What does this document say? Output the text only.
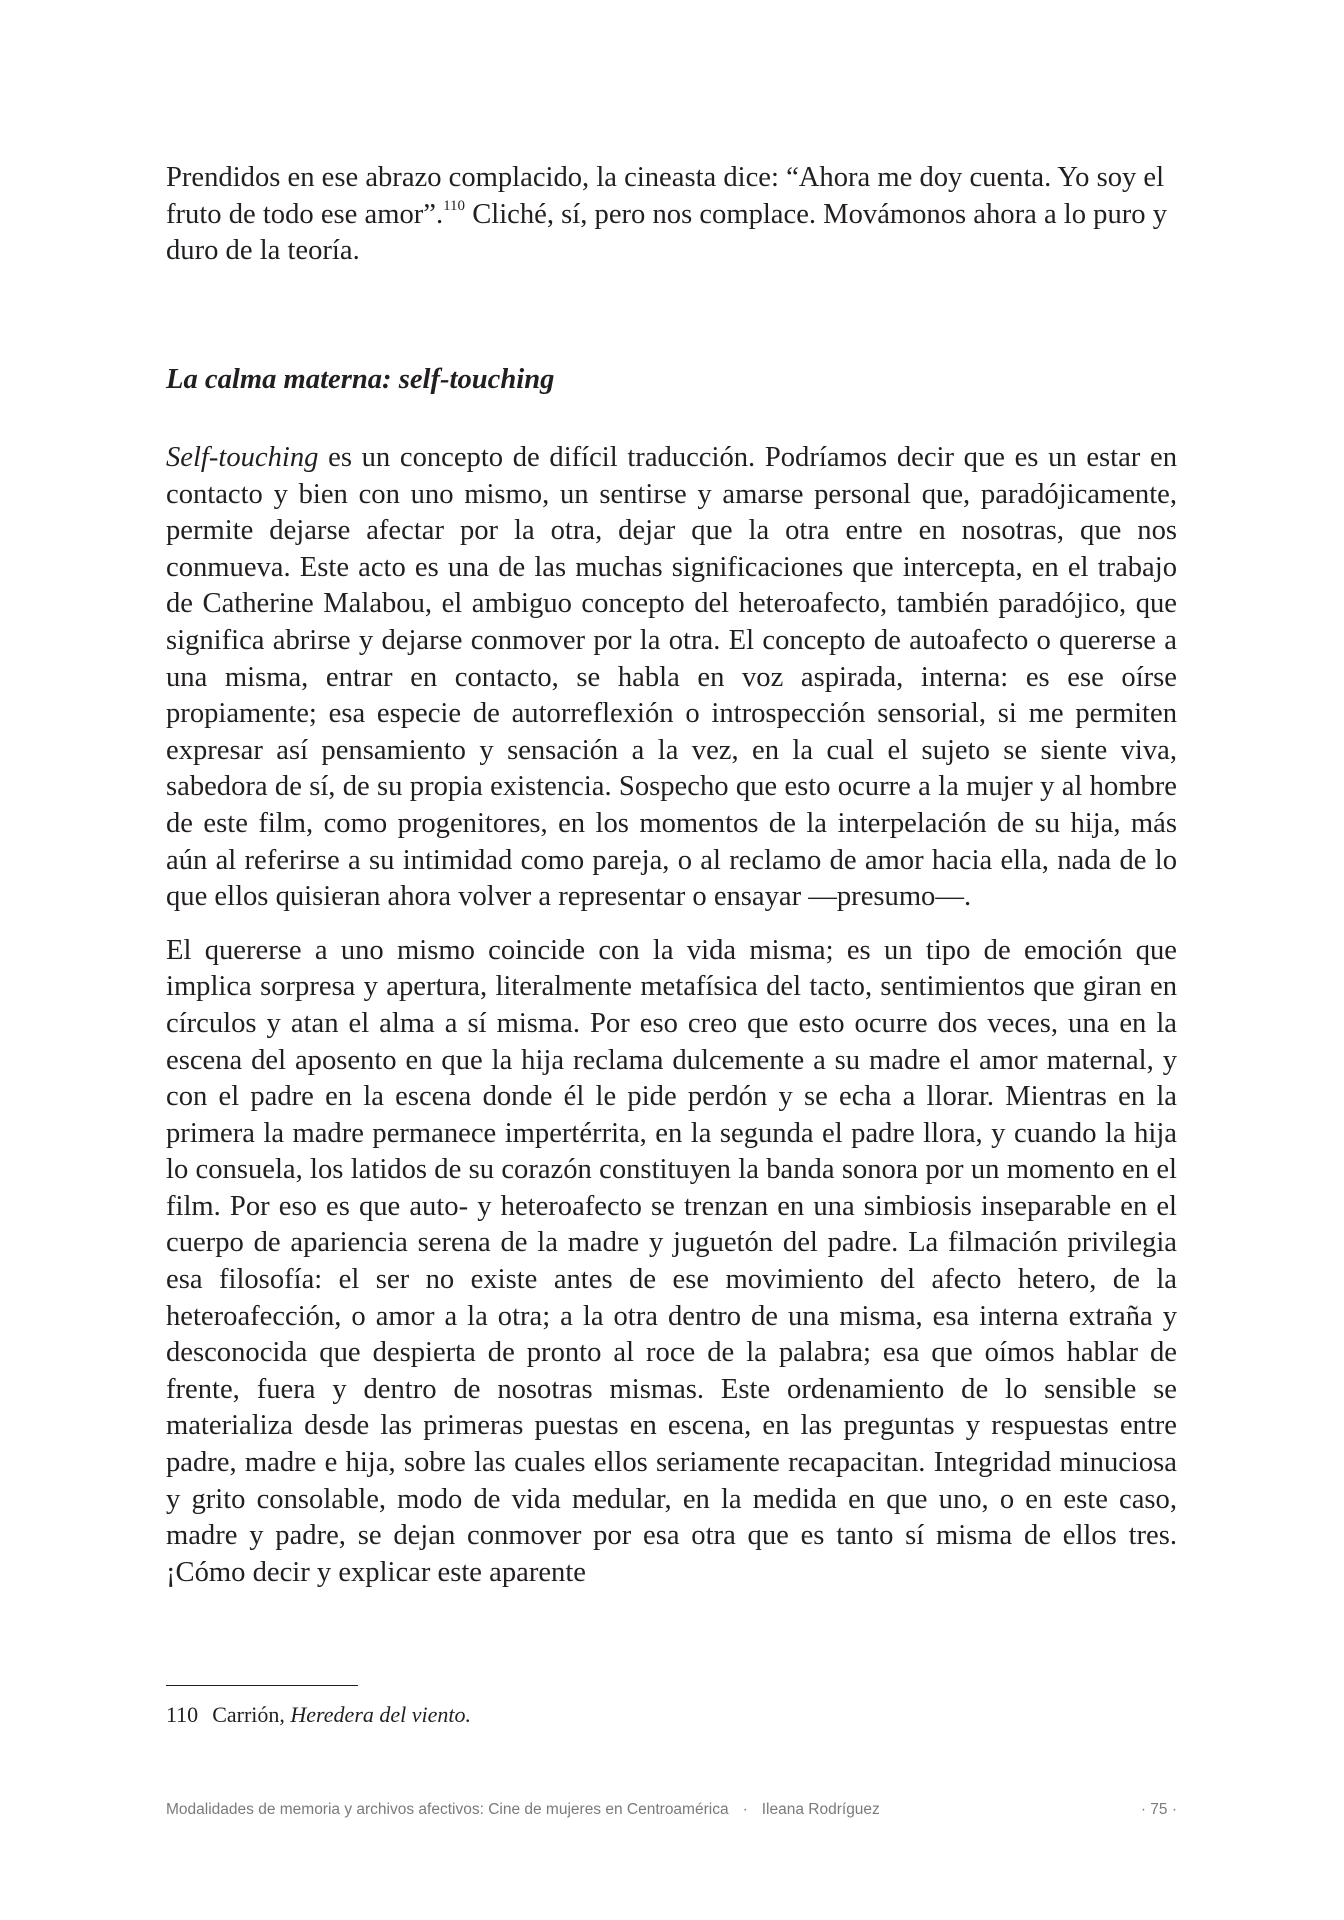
Prendidos en ese abrazo complacido, la cineasta dice: “Ahora me doy cuenta. Yo soy el fruto de todo ese amor”.$^{110}$ Cliché, sí, pero nos complace. Movámonos ahora a lo puro y duro de la teoría.

La calma materna: self-touching

Self-touching es un concepto de difícil traducción. Podríamos decir que es un estar en contacto y bien con uno mismo, un sentirse y amarse personal que, paradójicamente, permite dejarse afectar por la otra, dejar que la otra entre en nosotras, que nos conmueva. Este acto es una de las muchas significaciones que intercepta, en el trabajo de Catherine Malabou, el ambiguo concepto del heteroafecto, también paradójico, que significa abrirse y dejarse conmover por la otra. El concepto de autoafecto o quererse a una misma, entrar en contacto, se habla en voz aspirada, interna: es ese oírse propiamente; esa especie de autorreflexión o introspección sensorial, si me permiten expresar así pensamiento y sensación a la vez, en la cual el sujeto se siente viva, sabedora de sí, de su propia existencia. Sospecho que esto ocurre a la mujer y al hombre de este film, como progenitores, en los momentos de la interpelación de su hija, más aún al referirse a su intimidad como pareja, o al reclamo de amor hacia ella, nada de lo que ellos quisieran ahora volver a representar o ensayar —presumo—.

El quererse a uno mismo coincide con la vida misma; es un tipo de emoción que implica sorpresa y apertura, literalmente metafísica del tacto, sentimientos que giran en círculos y atan el alma a sí misma. Por eso creo que esto ocurre dos veces, una en la escena del aposento en que la hija reclama dulcemente a su madre el amor maternal, y con el padre en la escena donde él le pide perdón y se echa a llorar. Mientras en la primera la madre permanece impertérrita, en la segunda el padre llora, y cuando la hija lo consuela, los latidos de su corazón constituyen la banda sonora por un momento en el film. Por eso es que auto- y heteroafecto se trenzan en una simbiosis inseparable en el cuerpo de apariencia serena de la madre y juguetón del padre. La filmación privilegia esa filosofía: el ser no existe antes de ese movimiento del afecto hetero, de la heteroafección, o amor a la otra; a la otra dentro de una misma, esa interna extraña y desconocida que despierta de pronto al roce de la palabra; esa que oímos hablar de frente, fuera y dentro de nosotras mismas. Este ordenamiento de lo sensible se materializa desde las primeras puestas en escena, en las preguntas y respuestas entre padre, madre e hija, sobre las cuales ellos seriamente recapacitan. Integridad minuciosa y grito consolable, modo de vida medular, en la medida en que uno, o en este caso, madre y padre, se dejan conmover por esa otra que es tanto sí misma de ellos tres. ¡Cómo decir y explicar este aparente

110 Carrión, Heredera del viento.
Modalidades de memoria y archivos afectivos: Cine de mujeres en Centroamérica · Ileana Rodríguez	· 75 ·
